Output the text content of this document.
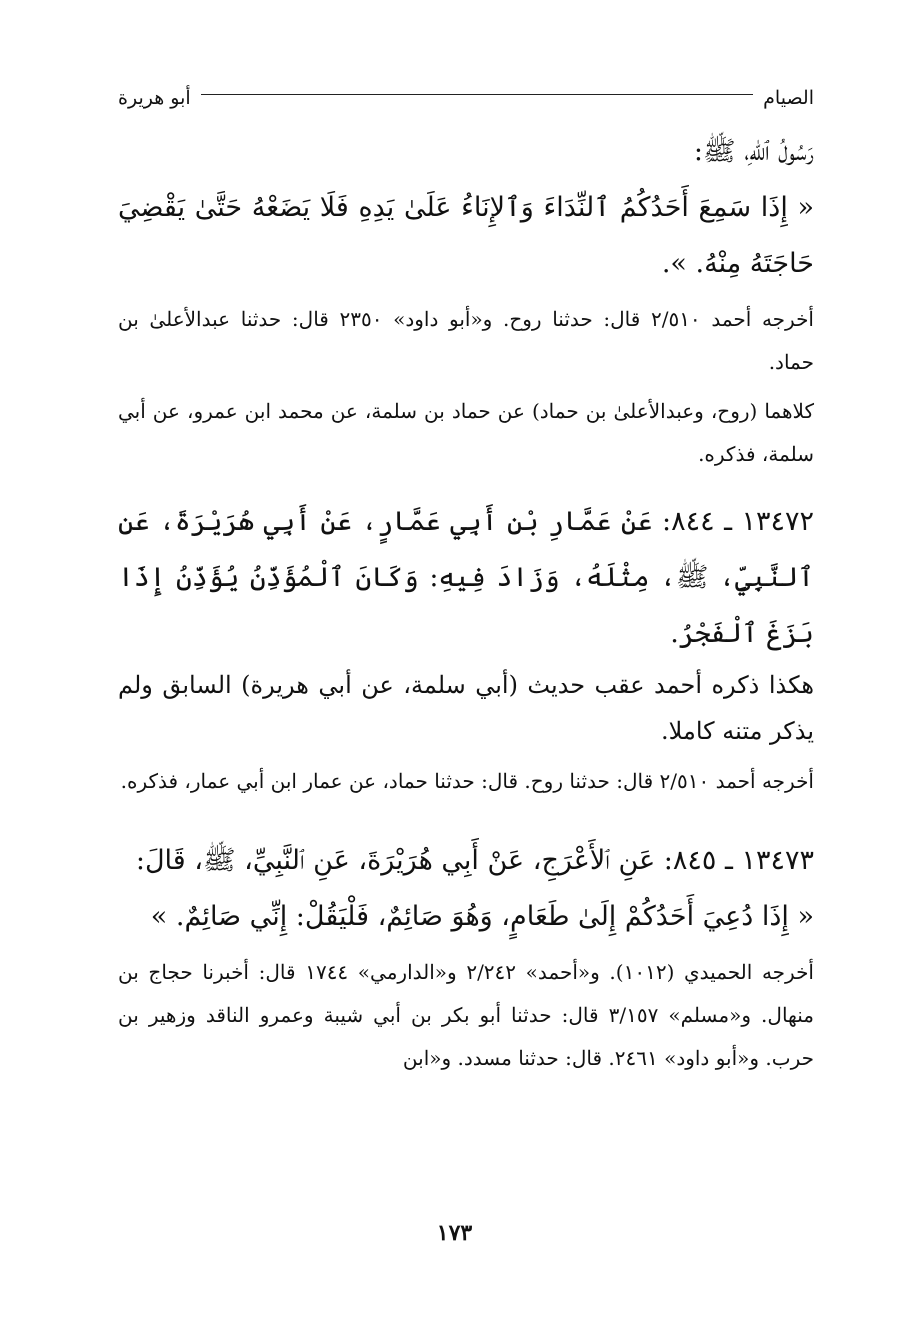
الصيام
أبو هريرة

رَسُولُ ٱللهِ، ﷺ:

« إِذَا سَمِعَ أَحَدُكُمُ ٱلنِّدَاءَ وَٱلإِنَاءُ عَلَىٰ يَدِهِ فَلَا يَضَعْهُ حَتَّىٰ يَقْضِيَ حَاجَتَهُ مِنْهُ. ».

أخرجه أحمد ٢/٥١٠ قال: حدثنا روح. و«أبو داود» ٢٣٥٠ قال: حدثنا عبدالأعلىٰ بن حماد.

كلاهما (روح، وعبدالأعلىٰ بن حماد) عن حماد بن سلمة، عن محمد ابن عمرو، عن أبي سلمة، فذكره.

١٣٤٧٢ ـ ٨٤٤: عَنْ عَمَّارِ بْنِ أَبِي عَمَّارٍ، عَنْ أَبِي هُرَيْرَةَ، عَنِ ٱلنَّبِيِّ، ﷺ، مِثْلَهُ، وَزَادَ فِيهِ: وَكَانَ ٱلْمُؤَذِّنُ يُؤَذِّنُ إِذَا بَزَغَ ٱلْفَجْرُ.

هكذا ذكره أحمد عقب حديث (أبي سلمة، عن أبي هريرة) السابق ولم يذكر متنه كاملا.

أخرجه أحمد ٢/٥١٠ قال: حدثنا روح. قال: حدثنا حماد، عن عمار ابن أبي عمار، فذكره.

١٣٤٧٣ ـ ٨٤٥: عَنِ ٱلأَعْرَجِ، عَنْ أَبِي هُرَيْرَةَ، عَنِ ٱلنَّبِيِّ، ﷺ، قَالَ:

« إِذَا دُعِيَ أَحَدُكُمْ إِلَىٰ طَعَامٍ، وَهُوَ صَائِمٌ، فَلْيَقُلْ: إِنِّي صَائِمٌ. »

أخرجه الحميدي (١٠١٢). و«أحمد» ٢/٢٤٢ و«الدارمي» ١٧٤٤ قال: أخبرنا حجاج بن منهال. و«مسلم» ٣/١٥٧ قال: حدثنا أبو بكر بن أبي شيبة وعمرو الناقد وزهير بن حرب. و«أبو داود» ٢٤٦١. قال: حدثنا مسدد. و«ابن

١٧٣
